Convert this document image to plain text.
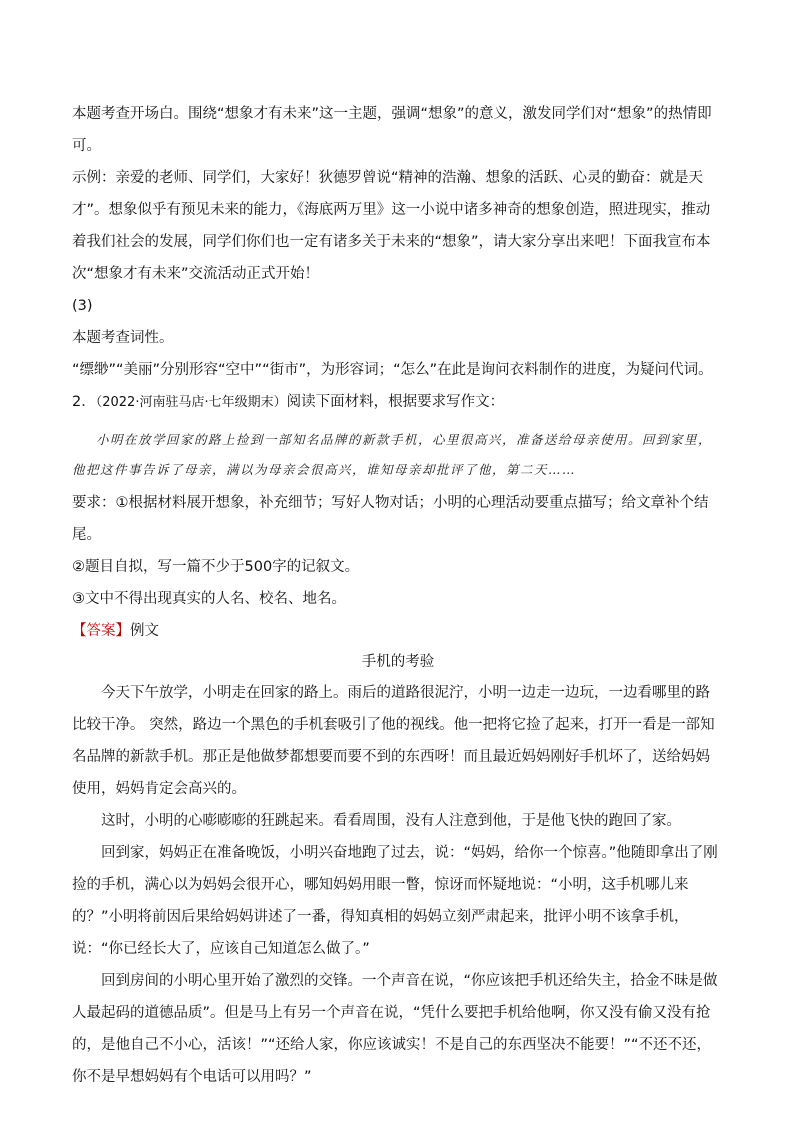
本题考查开场白。围绕“想象才有未来”这一主题，强调“想象”的意义，激发同学们对“想象”的热情即可。

示例：亲爱的老师、同学们，大家好！狄德罗曾说“精神的浩瀚、想象的活跃、心灵的勤奋：就是天才”。想象似乎有预见未来的能力，《海底两万里》这一小说中诸多神奇的想象创造，照进现实，推动着我们社会的发展，同学们你们也一定有诸多关于未来的“想象”，请大家分享出来吧！下面我宣布本次“想象才有未来”交流活动正式开始！

(3)

本题考查词性。

“缥缈”“美丽”分别形容“空中”“街市”，为形容词；“怎么”在此是询问衣料制作的进度，为疑问代词。

2．（2022·河南驻马店·七年级期末）阅读下面材料，根据要求写作文：

小明在放学回家的路上捡到一部知名品牌的新款手机，心里很高兴，准备送给母亲使用。回到家里，他把这件事告诉了母亲，满以为母亲会很高兴，谁知母亲却批评了他，第二天……

要求：①根据材料展开想象，补充细节；写好人物对话；小明的心理活动要重点描写；给文章补个结尾。

②题目自拟，写一篇不少于500字的记叙文。

③文中不得出现真实的人名、校名、地名。

【答案】例文

手机的考验

今天下午放学，小明走在回家的路上。雨后的道路很泥泞，小明一边走一边玩，一边看哪里的路比较干净。 突然，路边一个黑色的手机套吸引了他的视线。他一把将它捡了起来，打开一看是一部知名品牌的新款手机。那正是他做梦都想要而要不到的东西呀！而且最近妈妈刚好手机坏了，送给妈妈使用，妈妈肯定会高兴的。

这时，小明的心嘭嘭嘭的狂跳起来。看看周围，没有人注意到他，于是他飞快的跑回了家。

回到家，妈妈正在准备晚饭，小明兴奋地跑了过去，说：“妈妈，给你一个惊喜。”他随即拿出了刚捡的手机，满心以为妈妈会很开心，哪知妈妈用眼一瞥，惊讶而怀疑地说：“小明，这手机哪儿来的？”小明将前因后果给妈妈讲述了一番，得知真相的妈妈立刻严肃起来，批评小明不该拿手机，说：“你已经长大了，应该自己知道怎么做了。”

回到房间的小明心里开始了激烈的交锋。一个声音在说，“你应该把手机还给失主，拾金不昧是做人最起码的道德品质”。但是马上有另一个声音在说，“凭什么要把手机给他啊，你又没有偷又没有抢的，是他自己不小心，活该！”“还给人家，你应该诚实！不是自己的东西坚决不能要！”“不还不还，你不是早想妈妈有个电话可以用吗？”
